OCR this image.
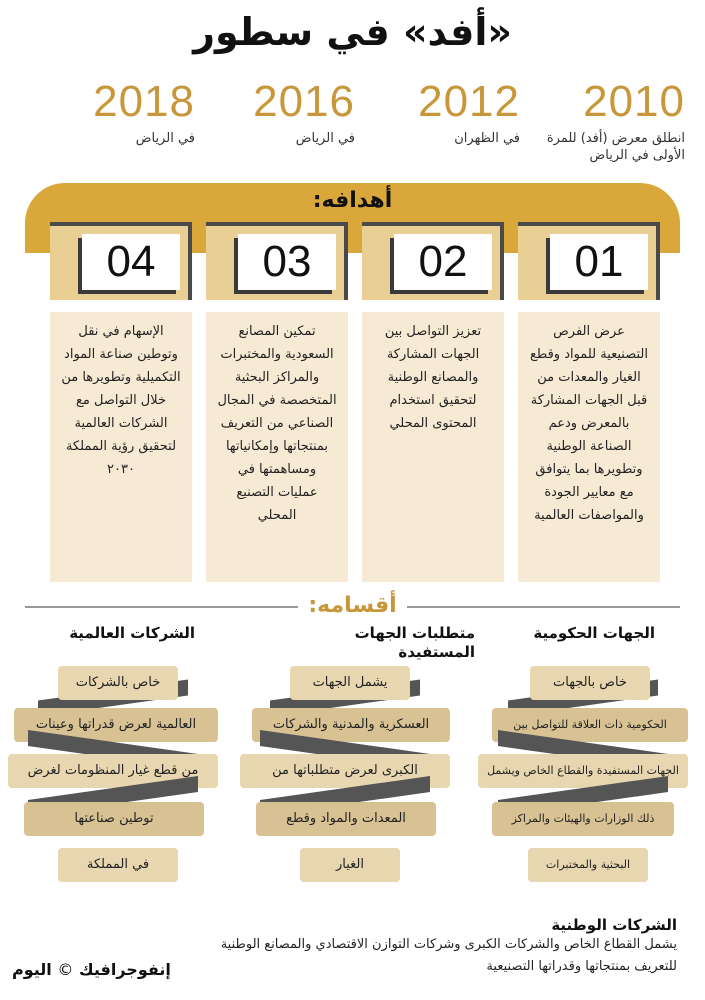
«أفد» في سطور
2010
انطلق معرض (أفد) للمرة الأولى في الرياض
2012
في الظهران
2016
في الرياض
2018
في الرياض
أهدافه:
01
عرض الفرص التصنيعية للمواد وقطع الغيار والمعدات من قبل الجهات المشاركة بالمعرض ودعم الصناعة الوطنية وتطويرها بما يتوافق مع معايير الجودة والمواصفات العالمية
02
تعزيز التواصل بين الجهات المشاركة والمصانع الوطنية لتحقيق استخدام المحتوى المحلي
03
تمكين المصانع السعودية والمختبرات والمراكز البحثية المتخصصة في المجال الصناعي من التعريف بمنتجاتها وإمكانياتها ومساهمتها في عمليات التصنيع المحلي
04
الإسهام في نقل وتوطين صناعة المواد التكميلية وتطويرها من خلال التواصل مع الشركات العالمية لتحقيق رؤية المملكة ٢٠٣٠
أقسامه:
الجهات الحكومية
خاص بالجهات
الحكومية ذات العلاقة للتواصل بين
الجهات المستفيدة والقطاع الخاص ويشمل
ذلك الوزارات والهيئات والمراكز
البحثية والمختبرات
متطلبات الجهات المستفيدة
يشمل الجهات
العسكرية والمدنية والشركات
الكبرى لعرض متطلباتها من
المعدات والمواد وقطع
الغيار
الشركات العالمية
خاص بالشركات
العالمية لعرض قدراتها وعينات
من قطع غيار المنظومات لغرض
توطين صناعتها
في المملكة
الشركات الوطنية
يشمل القطاع الخاص والشركات الكبرى وشركات التوازن الاقتصادي والمصانع الوطنية للتعريف بمنتجاتها وقدراتها التصنيعية
إنفوجرافيك © اليوم
